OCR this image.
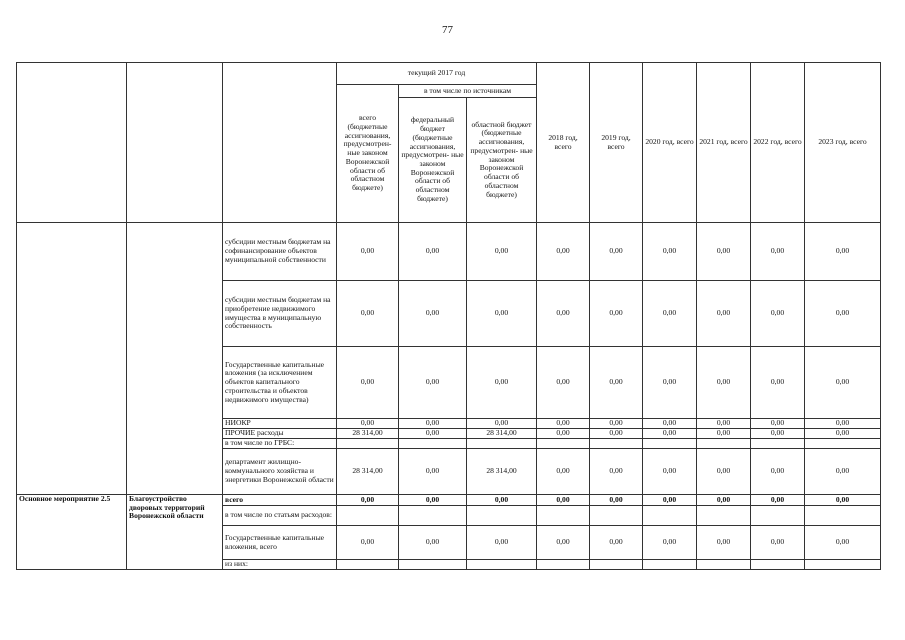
77
			текущий 2017 год			2018 год, всего	2019 год, всего	2020 год, всего	2021 год, всего	2022 год, всего	2023 год, всего
			всего (бюджетные ассигнования, предусмотрен- ные законом Воронежской области об областном бюджете)	в том числе по источникам							
				федеральный бюджет (бюджетные ассигнования, предусмотрен- ные законом Воронежской области об областном бюджете)	областной бюджет (бюджетные ассигнования, предусмотрен- ные законом Воронежской области об областном бюджете)						
		субсидии местным бюджетам на софинансирование объектов муниципальной собственности	0,00	0,00	0,00	0,00	0,00	0,00	0,00	0,00	0,00
		субсидии местным бюджетам на приобретение недвижимого имущества в муниципальную собственность	0,00	0,00	0,00	0,00	0,00	0,00	0,00	0,00	0,00
		Государственные капитальные вложения (за исключением объектов капитального строительства и объектов недвижимого имущества)	0,00	0,00	0,00	0,00	0,00	0,00	0,00	0,00	0,00
		НИОКР	0,00	0,00	0,00	0,00	0,00	0,00	0,00	0,00	0,00
		ПРОЧИЕ расходы	28 314,00	0,00	28 314,00	0,00	0,00	0,00	0,00	0,00	0,00
		в том числе по ГРБС:									
		департамент жилищно-коммунального хозяйства и энергетики Воронежской области	28 314,00	0,00	28 314,00	0,00	0,00	0,00	0,00	0,00	0,00
Основное мероприятие 2.5	Благоустройство дворовых территорий Воронежской области	всего	0,00	0,00	0,00	0,00	0,00	0,00	0,00	0,00	0,00
		в том числе по статьям расходов:									
		Государственные капитальные вложения, всего	0,00	0,00	0,00	0,00	0,00	0,00	0,00	0,00	0,00
		из них:									
